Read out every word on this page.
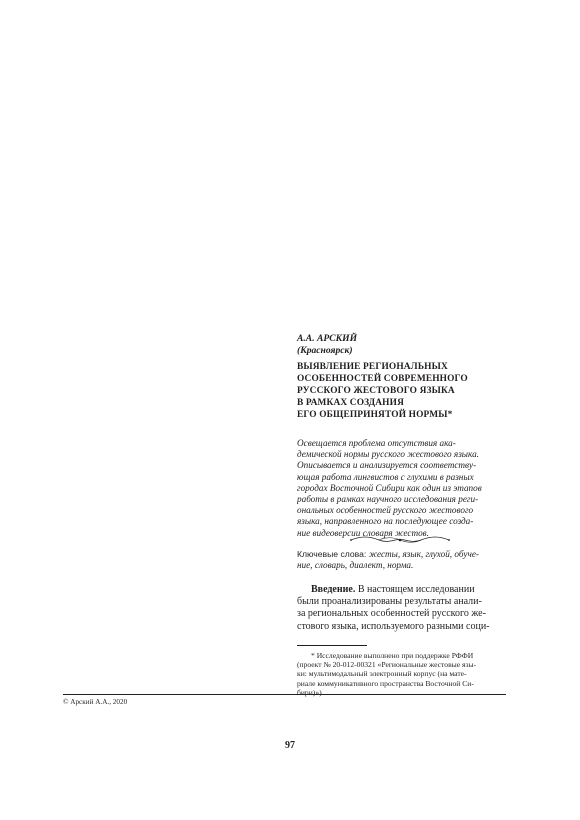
А.А. АРСКИЙ
(Красноярск)
ВЫЯВЛЕНИЕ РЕГИОНАЛЬНЫХ
ОСОБЕННОСТЕЙ СОВРЕМЕННОГО
РУССКОГО ЖЕСТОВОГО ЯЗЫКА
В РАМКАХ СОЗДАНИЯ
ЕГО ОБЩЕПРИНЯТОЙ НОРМЫ*
Освещается проблема отсутствия ака-
демической нормы русского жестового языка.
Описывается и анализируется соответству-
ющая работа лингвистов с глухими в разных
городах Восточной Сибири как один из этапов
работы в рамках научного исследования реги-
ональных особенностей русского жестового
языка, направленного на последующее созда-
ние видеоверсии словаря жестов.
Ключевые слова: жесты, язык, глухой, обуче-
ние, словарь, диалект, норма.
Введение. В настоящем исследовании
были проанализированы результаты анали-
за региональных особенностей русского же-
стового языка, используемого разными соци-
* Исследование выполнено при поддержке РФФИ
(проект № 20-012-00321 «Региональные жестовые язы-
ки: мультимодальный электронный корпус (на мате-
риале коммуникативного пространства Восточной Си-
бири)»).
© Арский А.А., 2020
97
